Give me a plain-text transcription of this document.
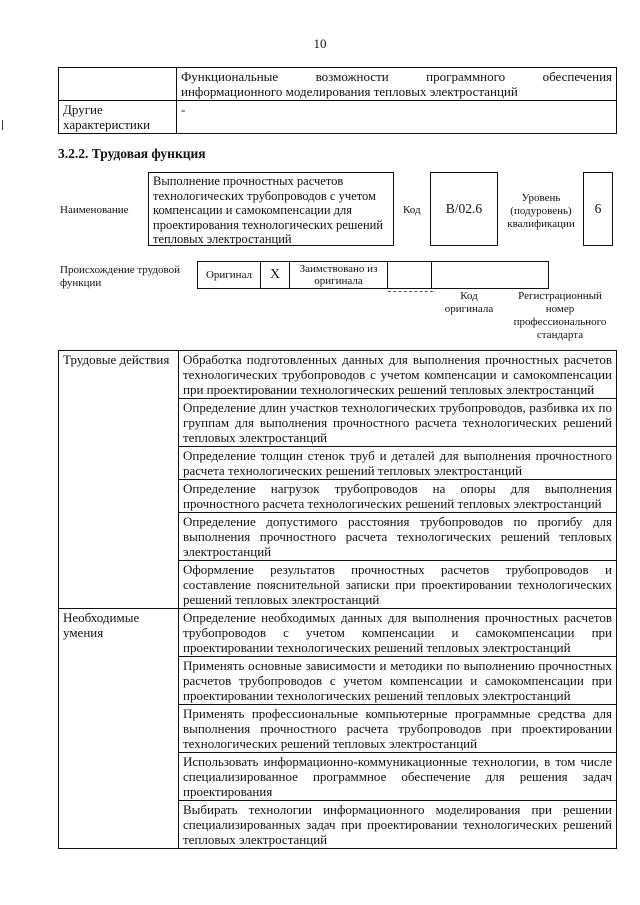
10
	Функциональные возможности программного обеспечения информационного моделирования тепловых электростанций
Другие характеристики	-
3.2.2. Трудовая функция
Наименование
Выполнение прочностных расчетов технологических трубопроводов с учетом компенсации и самокомпенсации для проектирования технологических решений тепловых электростанций
Код B/02.6
Уровень (подуровень) квалификации
6
Происхождение трудовой функции
Оригинал X	Заимствовано из оригинала
Код оригинала
Регистрационный номер профессионального стандарта
Трудовые действия	Обработка подготовленных данных для выполнения прочностных расчетов технологических трубопроводов с учетом компенсации и самокомпенсации при проектировании технологических решений тепловых электростанций
	Определение длин участков технологических трубопроводов, разбивка их по группам для выполнения прочностного расчета технологических решений тепловых электростанций
	Определение толщин стенок труб и деталей для выполнения прочностного расчета технологических решений тепловых электростанций
	Определение нагрузок трубопроводов на опоры для выполнения прочностного расчета технологических решений тепловых электростанций
	Определение допустимого расстояния трубопроводов по прогибу для выполнения прочностного расчета технологических решений тепловых электростанций
	Оформление результатов прочностных расчетов трубопроводов и составление пояснительной записки при проектировании технологических решений тепловых электростанций
Необходимые умения	Определение необходимых данных для выполнения прочностных расчетов трубопроводов с учетом компенсации и самокомпенсации при проектировании технологических решений тепловых электростанций
	Применять основные зависимости и методики по выполнению прочностных расчетов трубопроводов с учетом компенсации и самокомпенсации при проектировании технологических решений тепловых электростанций
	Применять профессиональные компьютерные программные средства для выполнения прочностного расчета трубопроводов при проектировании технологических решений тепловых электростанций
	Использовать информационно-коммуникационные технологии, в том числе специализированное программное обеспечение для решения задач проектирования
	Выбирать технологии информационного моделирования при решении специализированных задач при проектировании технологических решений тепловых электростанций
